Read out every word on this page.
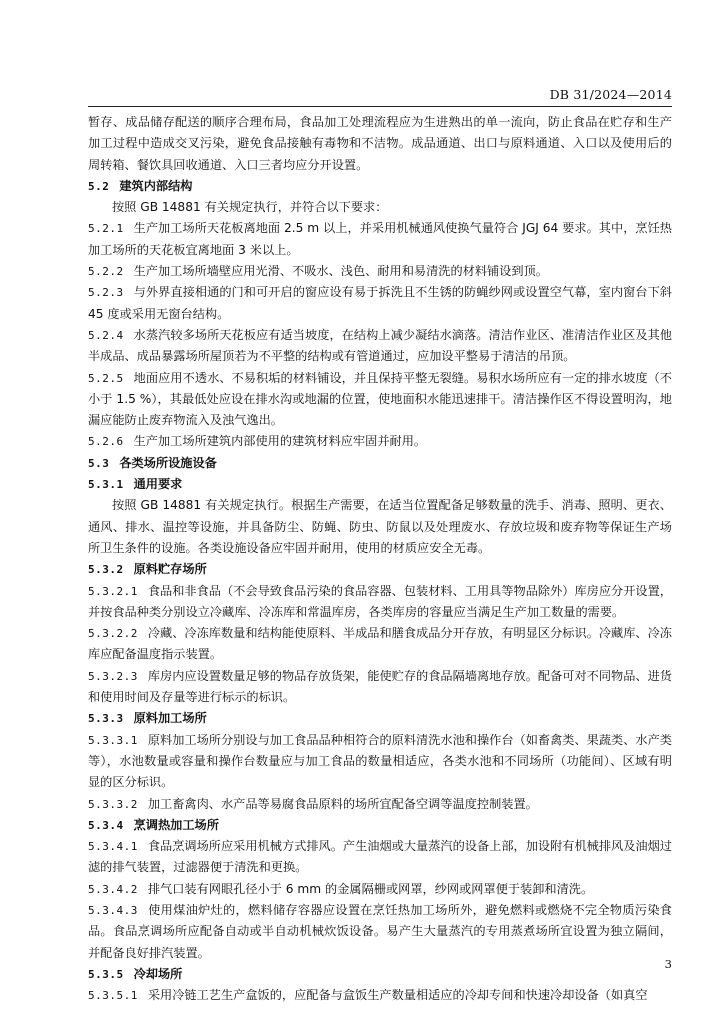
DB 31/2024—2014

暂存、成品储存配送的顺序合理布局，食品加工处理流程应为生进熟出的单一流向，防止食品在贮存和生产加工过程中造成交叉污染，避免食品接触有毒物和不洁物。成品通道、出口与原料通道、入口以及使用后的周转箱、餐饮具回收通道、入口三者均应分开设置。

5.2 建筑内部结构

按照 GB 14881 有关规定执行，并符合以下要求：

5.2.1 生产加工场所天花板离地面 2.5 m 以上，并采用机械通风使换气量符合 JGJ 64 要求。其中，烹饪热加工场所的天花板宜离地面 3 米以上。

5.2.2 生产加工场所墙壁应用光滑、不吸水、浅色、耐用和易清洗的材料铺设到顶。

5.2.3 与外界直接相通的门和可开启的窗应设有易于拆洗且不生锈的防蝇纱网或设置空气幕，室内窗台下斜 45 度或采用无窗台结构。

5.2.4 水蒸汽较多场所天花板应有适当坡度，在结构上减少凝结水滴落。清洁作业区、准清洁作业区及其他半成品、成品暴露场所屋顶若为不平整的结构或有管道通过，应加设平整易于清洁的吊顶。

5.2.5 地面应用不透水、不易积垢的材料铺设，并且保持平整无裂缝。易积水场所应有一定的排水坡度（不小于 1.5 %），其最低处应设在排水沟或地漏的位置，使地面积水能迅速排干。清洁操作区不得设置明沟，地漏应能防止废弃物流入及浊气逸出。

5.2.6 生产加工场所建筑内部使用的建筑材料应牢固并耐用。

5.3 各类场所设施设备

5.3.1 通用要求

按照 GB 14881 有关规定执行。根据生产需要，在适当位置配备足够数量的洗手、消毒、照明、更衣、通风、排水、温控等设施，并具备防尘、防蝇、防虫、防鼠以及处理废水、存放垃圾和废弃物等保证生产场所卫生条件的设施。各类设施设备应牢固并耐用，使用的材质应安全无毒。

5.3.2 原料贮存场所

5.3.2.1 食品和非食品（不会导致食品污染的食品容器、包装材料、工用具等物品除外）库房应分开设置，并按食品种类分别设立冷藏库、冷冻库和常温库房，各类库房的容量应当满足生产加工数量的需要。

5.3.2.2 冷藏、冷冻库数量和结构能使原料、半成品和膳食成品分开存放，有明显区分标识。冷藏库、冷冻库应配备温度指示装置。

5.3.2.3 库房内应设置数量足够的物品存放货架，能使贮存的食品隔墙离地存放。配备可对不同物品、进货和使用时间及存量等进行标示的标识。

5.3.3 原料加工场所

5.3.3.1 原料加工场所分别设与加工食品品种相符合的原料清洗水池和操作台（如畜禽类、果蔬类、水产类等），水池数量或容量和操作台数量应与加工食品的数量相适应，各类水池和不同场所（功能间）、区域有明显的区分标识。

5.3.3.2 加工畜禽肉、水产品等易腐食品原料的场所宜配备空调等温度控制装置。

5.3.4 烹调热加工场所

5.3.4.1 食品烹调场所应采用机械方式排风。产生油烟或大量蒸汽的设备上部，加设附有机械排风及油烟过滤的排气装置，过滤器便于清洗和更换。

5.3.4.2 排气口装有网眼孔径小于 6 mm 的金属隔栅或网罩，纱网或网罩便于装卸和清洗。

5.3.4.3 使用煤油炉灶的，燃料储存容器应设置在烹饪热加工场所外，避免燃料或燃烧不完全物质污染食品。食品烹调场所应配备自动或半自动机械炊饭设备。易产生大量蒸汽的专用蒸煮场所宜设置为独立隔间，并配备良好排汽装置。

5.3.5 冷却场所

5.3.5.1 采用冷链工艺生产盒饭的，应配备与盒饭生产数量相适应的冷却专间和快速冷却设备（如真空

3
